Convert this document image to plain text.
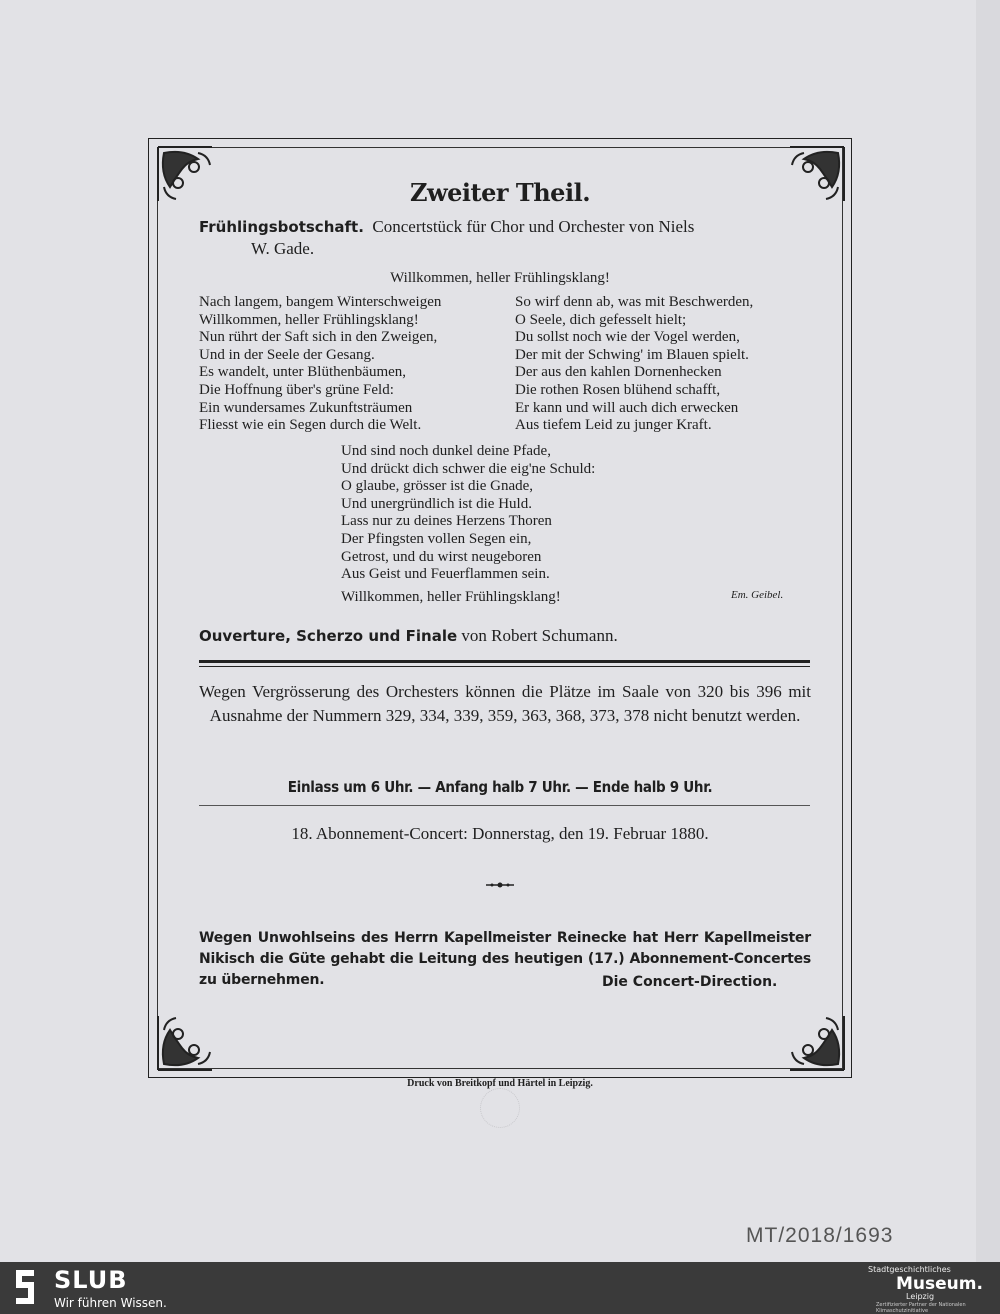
Zweiter Theil.
Frühlingsbotschaft. Concertstück für Chor und Orchester von Niels
W. Gade.
Willkommen, heller Frühlingsklang!
Nach langem, bangem Winterschweigen
Willkommen, heller Frühlingsklang!
Nun rührt der Saft sich in den Zweigen,
Und in der Seele der Gesang.
Es wandelt, unter Blüthenbäumen,
Die Hoffnung über's grüne Feld:
Ein wundersames Zukunftsträumen
Fliesst wie ein Segen durch die Welt.
So wirf denn ab, was mit Beschwerden,
O Seele, dich gefesselt hielt;
Du sollst noch wie der Vogel werden,
Der mit der Schwing' im Blauen spielt.
Der aus den kahlen Dornenhecken
Die rothen Rosen blühend schafft,
Er kann und will auch dich erwecken
Aus tiefem Leid zu junger Kraft.
Und sind noch dunkel deine Pfade,
Und drückt dich schwer die eig'ne Schuld:
O glaube, grösser ist die Gnade,
Und unergründlich ist die Huld.
Lass nur zu deines Herzens Thoren
Der Pfingsten vollen Segen ein,
Getrost, und du wirst neugeboren
Aus Geist und Feuerflammen sein.
Willkommen, heller Frühlingsklang!	Em. Geibel.
Ouverture, Scherzo und Finale von Robert Schumann.
Wegen Vergrösserung des Orchesters können die Plätze im Saale von 320 bis 396 mit Ausnahme der Nummern 329, 334, 339, 359, 363, 368, 373, 378 nicht benutzt werden.
Einlass um 6 Uhr. — Anfang halb 7 Uhr. — Ende halb 9 Uhr.
18. Abonnement-Concert: Donnerstag, den 19. Februar 1880.
Wegen Unwohlseins des Herrn Kapellmeister Reinecke hat Herr Kapellmeister Nikisch die Güte gehabt die Leitung des heutigen (17.) Abonnement-Concertes zu übernehmen.	Die Concert-Direction.
Druck von Breitkopf und Härtel in Leipzig.
MT/2018/1693
SLUB
Wir führen Wissen.
Stadtgeschichtliches
Museum.
Leipzig
Zertifizierter Partner der Nationalen Klimaschutzinitiative
